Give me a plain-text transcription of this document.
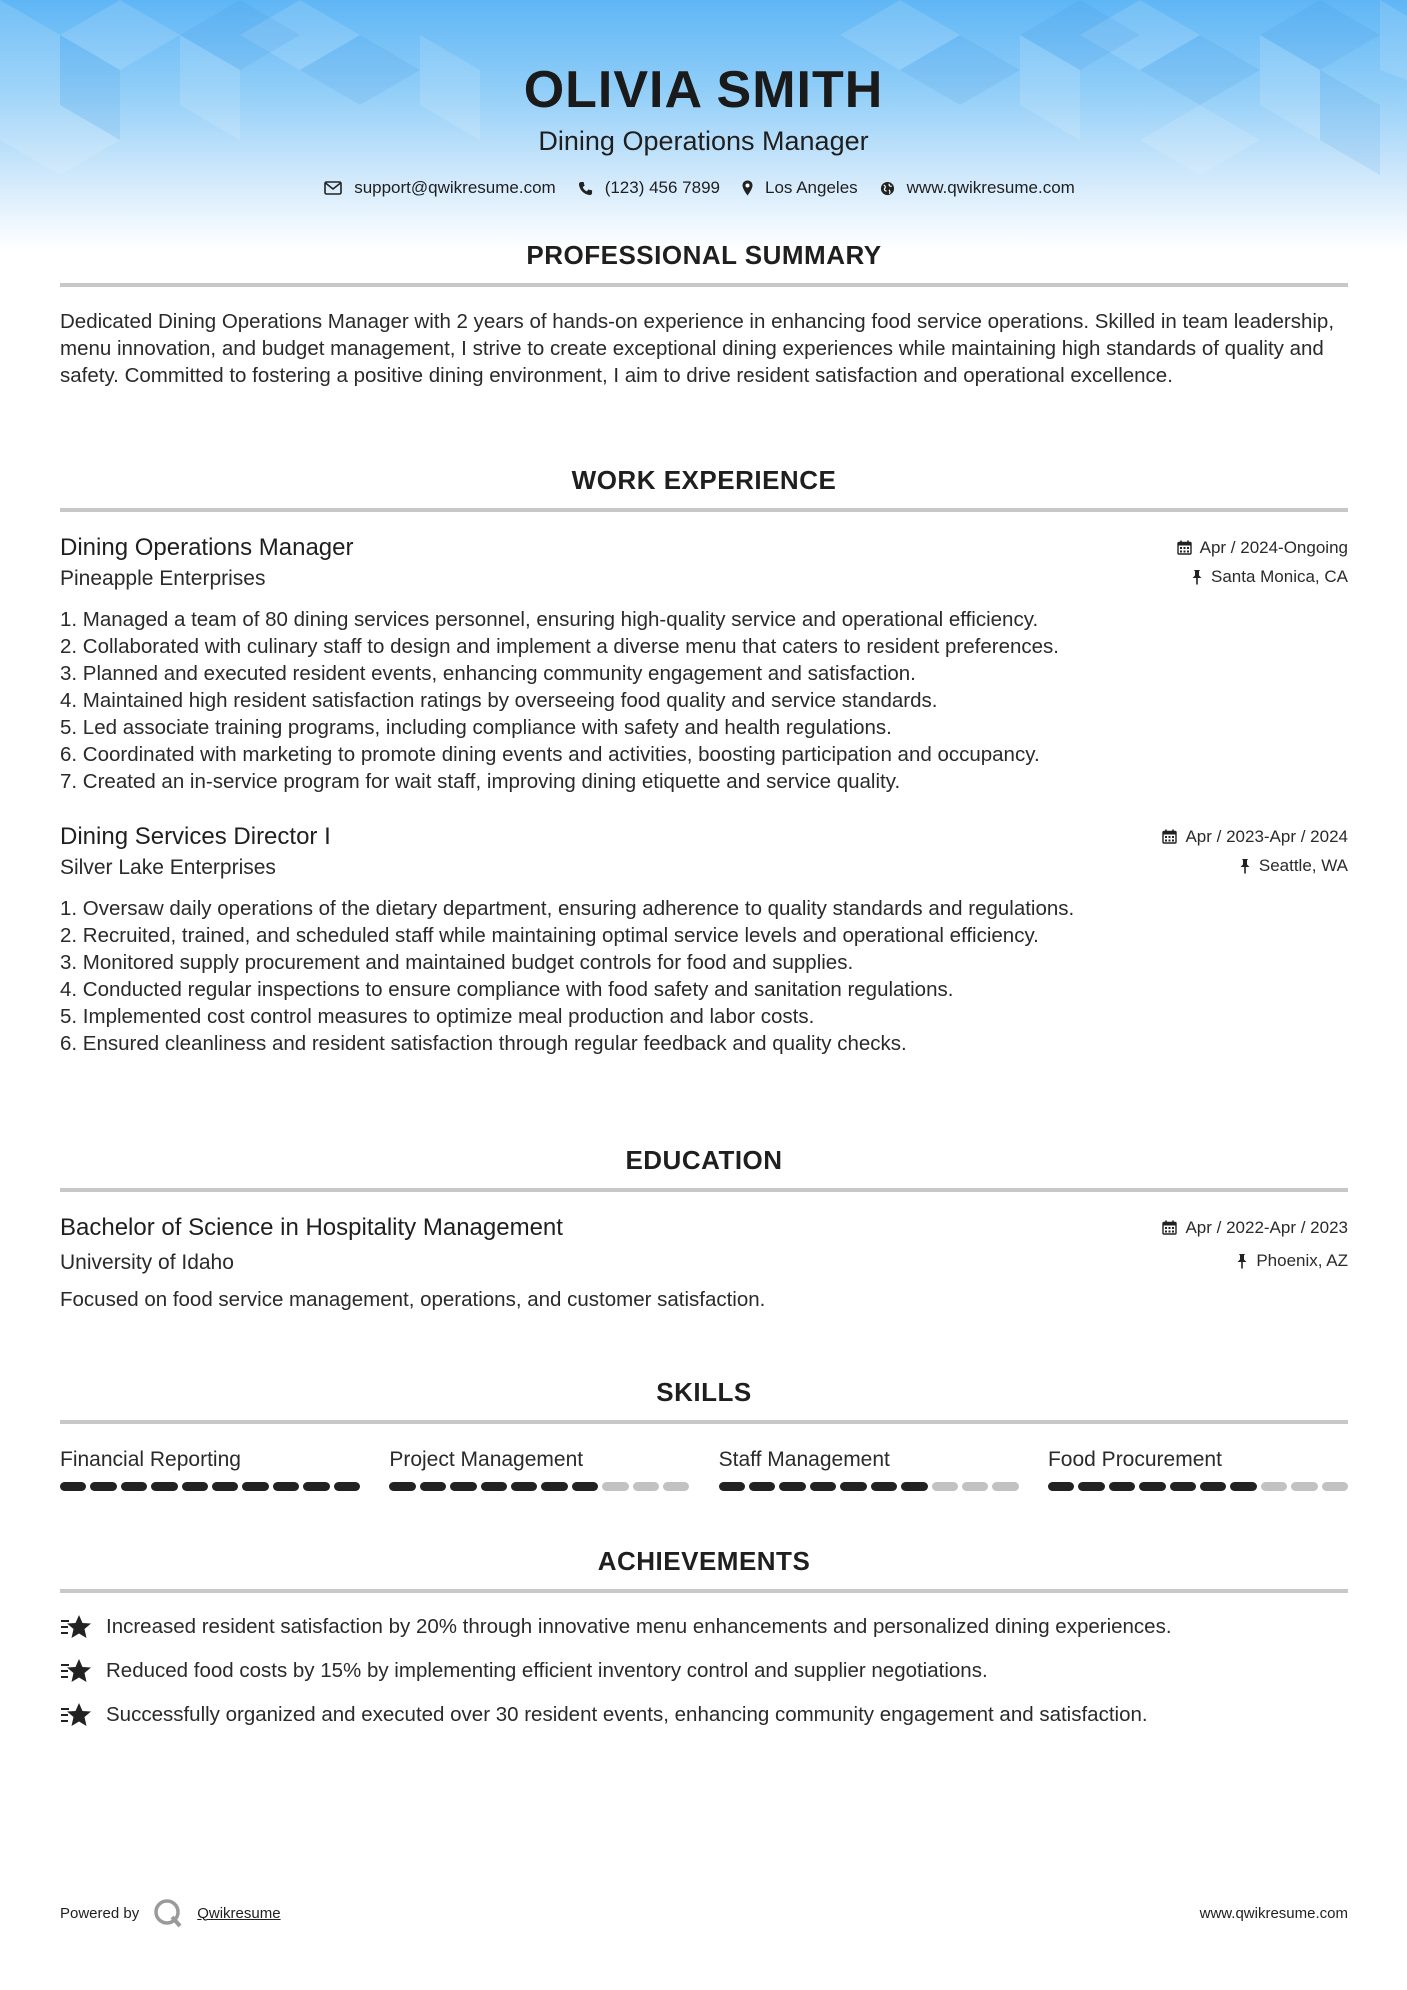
OLIVIA SMITH
Dining Operations Manager
support@qwikresume.com	(123) 456 7899	Los Angeles	www.qwikresume.com
PROFESSIONAL SUMMARY

Dedicated Dining Operations Manager with 2 years of hands-on experience in enhancing food service operations. Skilled in team leadership, menu innovation, and budget management, I strive to create exceptional dining experiences while maintaining high standards of quality and safety. Committed to fostering a positive dining environment, I aim to drive resident satisfaction and operational excellence.

WORK EXPERIENCE
Dining Operations Manager	Apr / 2024-Ongoing
Pineapple Enterprises	Santa Monica, CA
1. Managed a team of 80 dining services personnel, ensuring high-quality service and operational efficiency.
2. Collaborated with culinary staff to design and implement a diverse menu that caters to resident preferences.
3. Planned and executed resident events, enhancing community engagement and satisfaction.
4. Maintained high resident satisfaction ratings by overseeing food quality and service standards.
5. Led associate training programs, including compliance with safety and health regulations.
6. Coordinated with marketing to promote dining events and activities, boosting participation and occupancy.
7. Created an in-service program for wait staff, improving dining etiquette and service quality.
Dining Services Director I	Apr / 2023-Apr / 2024
Silver Lake Enterprises	Seattle, WA
1. Oversaw daily operations of the dietary department, ensuring adherence to quality standards and regulations.
2. Recruited, trained, and scheduled staff while maintaining optimal service levels and operational efficiency.
3. Monitored supply procurement and maintained budget controls for food and supplies.
4. Conducted regular inspections to ensure compliance with food safety and sanitation regulations.
5. Implemented cost control measures to optimize meal production and labor costs.
6. Ensured cleanliness and resident satisfaction through regular feedback and quality checks.
EDUCATION
Bachelor of Science in Hospitality Management	Apr / 2022-Apr / 2023
University of Idaho	Phoenix, AZ

Focused on food service management, operations, and customer satisfaction.

SKILLS
Financial Reporting	Project Management	Staff Management	Food Procurement
ACHIEVEMENTS
Increased resident satisfaction by 20% through innovative menu enhancements and personalized dining experiences.
Reduced food costs by 15% by implementing efficient inventory control and supplier negotiations.
Successfully organized and executed over 30 resident events, enhancing community engagement and satisfaction.
Powered by	Qwikresume	www.qwikresume.com
